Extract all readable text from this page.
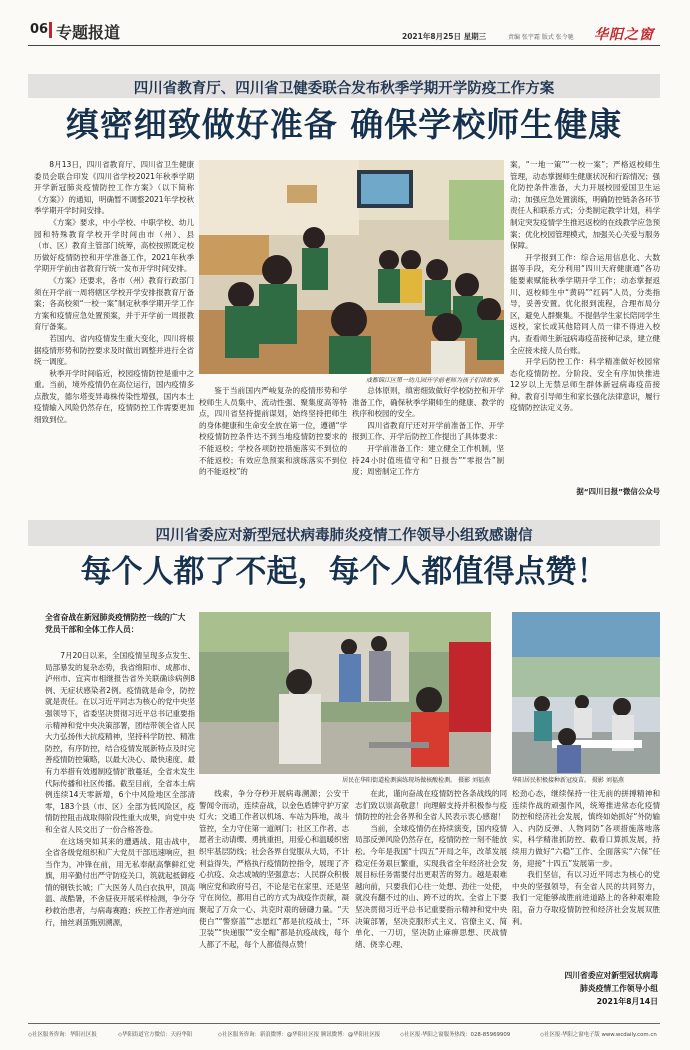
06 专题报道	2021年8月25日 星期三	责编 张宇霜 版式 张令驰 华阳之窗
四川省教育厅、四川省卫健委联合发布秋季学期开学防疫工作方案
缜密细致做好准备 确保学校师生健康

8月13日，四川省教育厅、四川省卫生健康委员会联合印发《四川省学校2021年秋季学期开学新冠肺炎疫情防控工作方案》（以下简称《方案》）的通知，明确暂不调整2021年学校秋季学期开学时间安排。

《方案》要求，中小学校、中职学校、幼儿园和特殊教育学校开学时间由市（州）、县（市、区）教育主管部门统筹，高校按照既定校历做好疫情防控和开学准备工作，2021年秋季学期开学前由省教育厅统一发布开学时间安排。

《方案》还要求，各市（州）教育行政部门须在开学前一周将辖区学校开学安排报教育厅备案；各高校须“一校一案”制定秋季学期开学工作方案和疫情应急处置预案，并于开学前一周报教育厅备案。

若国内、省内疫情发生重大变化，四川将根据疫情形势和防控要求及时做出调整并进行全省统一调度。

秋季开学时间临近，校园疫情防控是重中之重。当前，境外疫情仍在高位运行，国内疫情多点散发，德尔塔变异毒株传染性增强，国内本土疫情输入风险仍然存在，疫情防控工作需要更加细致到位。

成都锦江区第一幼儿园开学前老师为孩子们讲故事。

鉴于当前国内严峻复杂的疫情形势和学校师生人员集中、流动性强、聚集度高等特点，四川省坚持提前谋划，始终坚持把师生的身体健康和生命安全放在第一位，遵循“学校疫情防控条件达不到当地疫情防控要求的不能返校；学校各项防控措施落实不到位的不能返校；有效应急预案和演练落实不到位的不能返校”的

总体原则，缜密细致做好学校防控和开学准备工作，确保秋季学期师生的健康、教学的秩序和校园的安全。

四川省教育厅还对开学前准备工作、开学报到工作、开学后防控工作提出了具体要求：

开学前准备工作：建立健全工作机制，坚持24小时值班值守和“日报告”“零报告”制度；周密制定工作方

案，“一地一策”“一校一案”；严格返校师生管理，动态掌握师生健康状况和行踪情况；强化防控条件准备，大力开展校园爱国卫生运动；加强应急处置演练，明确防控链条各环节责任人和联系方式；分类制定教学计划，科学制定突发疫情学生推迟返校的在线教学应急预案；优化校园管理模式，加强关心关爱与服务保障。

开学报到工作：综合运用信息化、大数据等手段，充分利用“四川天府健康通”各功能要素赋能秋季学期开学工作；动态掌握返川、返校师生中“黄码”“红码”人员，分类指导，妥善安置。优化报到流程，合理布局分区，避免人群聚集。不提倡学生家长陪同学生返校，家长或其他陪同人员一律不得进入校内。查看师生新冠病毒疫苗接种记录，建立健全应接未接人员台账。

开学后防控工作：科学精准做好校园常态化疫情防控。分阶段、安全有序加快推进12岁以上无禁忌师生群体新冠病毒疫苗接种。教育引导师生和家长强化法律意识，履行疫情防控法定义务。

据“四川日报”微信公众号
四川省委应对新型冠状病毒肺炎疫情工作领导小组致感谢信
每个人都了不起，每个人都值得点赞！
全省奋战在新冠肺炎疫情防控一线的广大党员干部和全体工作人员：

7月20日以来，全国疫情呈现多点发生、局部暴发的复杂态势，我省绵阳市、成都市、泸州市、宜宾市相继报告省外关联确诊病例8例、无症状感染者2例。疫情就是命令，防控就是责任。在以习近平同志为核心的党中央坚强领导下，省委坚决贯彻习近平总书记重要指示精神和党中央决策部署，团结带领全省人民大力弘扬伟大抗疫精神，坚持科学防控、精准防控，有序防控，结合疫情发展新特点及时完善疫情防控策略，以最大决心、最快速度、最有力举措有效遏制疫情扩散蔓延，全省未发生代际传播和社区传播。截至目前，全省本土病例连续14天零新增，6个中风险地区全部清零，183个县（市、区）全部为低风险区，疫情防控阻击战取得阶段性重大成果，向党中央和全省人民交出了一份合格答卷。

在这场突如其来的遭遇战、阻击战中，全省各级党组织和广大党员干部迅速响应，担当作为，冲锋在前，用无私奉献高擎鲜红党旗，用辛勤付出严守防疫关口，筑就起抵御疫情的钢铁长城；广大医务人员白衣执甲，顶高温、战酷暑，不舍昼夜开展采样检测，争分夺秒救治患者，与病毒赛跑；疾控工作者逆向而行，抽丝剥茧甄别溯源，

居民在华阳街道检测演练现场做核酸检测。 摄影 刘福燕	华阳居民积极接种新冠疫苗。 摄影 刘福燕

线索，争分夺秒开展病毒溯源；公安干警闻令而动，连续奋战，以金色盾牌守护万家灯火；交通工作者以机场、车站为阵地，战斗管控，全力守住第一道闸门；社区工作者、志愿者主动请缨、勇挑重担，用爱心和温暖织密织牢基层防线；社会各界自觉服从大局，不计利益得失，严格执行疫情防控指令，展现了齐心抗疫、众志成城的坚强意志；人民群众积极响应党和政府号召，不论是宅在家里、还是坚守在岗位，都用自己的方式为战疫作贡献，凝聚起了万众一心、共克时艰的磅礴力量。“天使白”“警察蓝”“志愿红”都是抗疫战士，“环卫装”“快递服”“安全帽”都是抗疫战线，每个人都了不起，每个人都值得点赞！

在此，谨向奋战在疫情防控各条战线的同志们致以崇高敬意！向理解支持并积极参与疫情防控的社会各界和全省人民表示衷心感谢！

当前，全球疫情仍在持续演变，国内疫情局部反弹风险仍然存在，疫情防控一刻不能放松。今年是我国“十四五”开局之年，改革发展稳定任务艰巨繁重，实现我省全年经济社会发展目标任务需要付出更艰苦的努力。越是艰难越向前，只要我们心往一处想、劲往一处使，就没有翻不过的山、跨不过的坎。全省上下要坚决贯彻习近平总书记重要指示精神和党中央决策部署，坚决克服形式主义、官僚主义、简单化、一刀切，坚决防止麻痹思想、厌战情绪、侥幸心理、

松劲心态，继续保持一往无前的拼搏精神和连续作战的顽强作风，统筹推进常态化疫情防控和经济社会发展，慎终如始抓好“外防输入、内防反弹、人物同防”各项措施落地落实，科学精准抓防控、截看口算抓发展，持续用力做好“六稳”工作、全面落实“六保”任务，迎接“十四五”发展第一步。

我们坚信，有以习近平同志为核心的党中央的坚强领导，有全省人民的共同努力，我们一定能够战胜前进道路上的各种艰难险阻，奋力夺取疫情防控和经济社会发展双胜利。

四川省委应对新型冠状病毒
肺炎疫情工作领导小组
2021年8月14日
◇社区服务咨询：华阳社区报	◇华阳街道官方微信：天府华阳	◇社区服务咨询：新浪微博：@华阳社区报 腾讯微博：@华阳社区报	◇社区报·华阳之窗服务热线：028-85969909	◇社区报·华阳之窗电子版 www.wcdaily.com.cn
